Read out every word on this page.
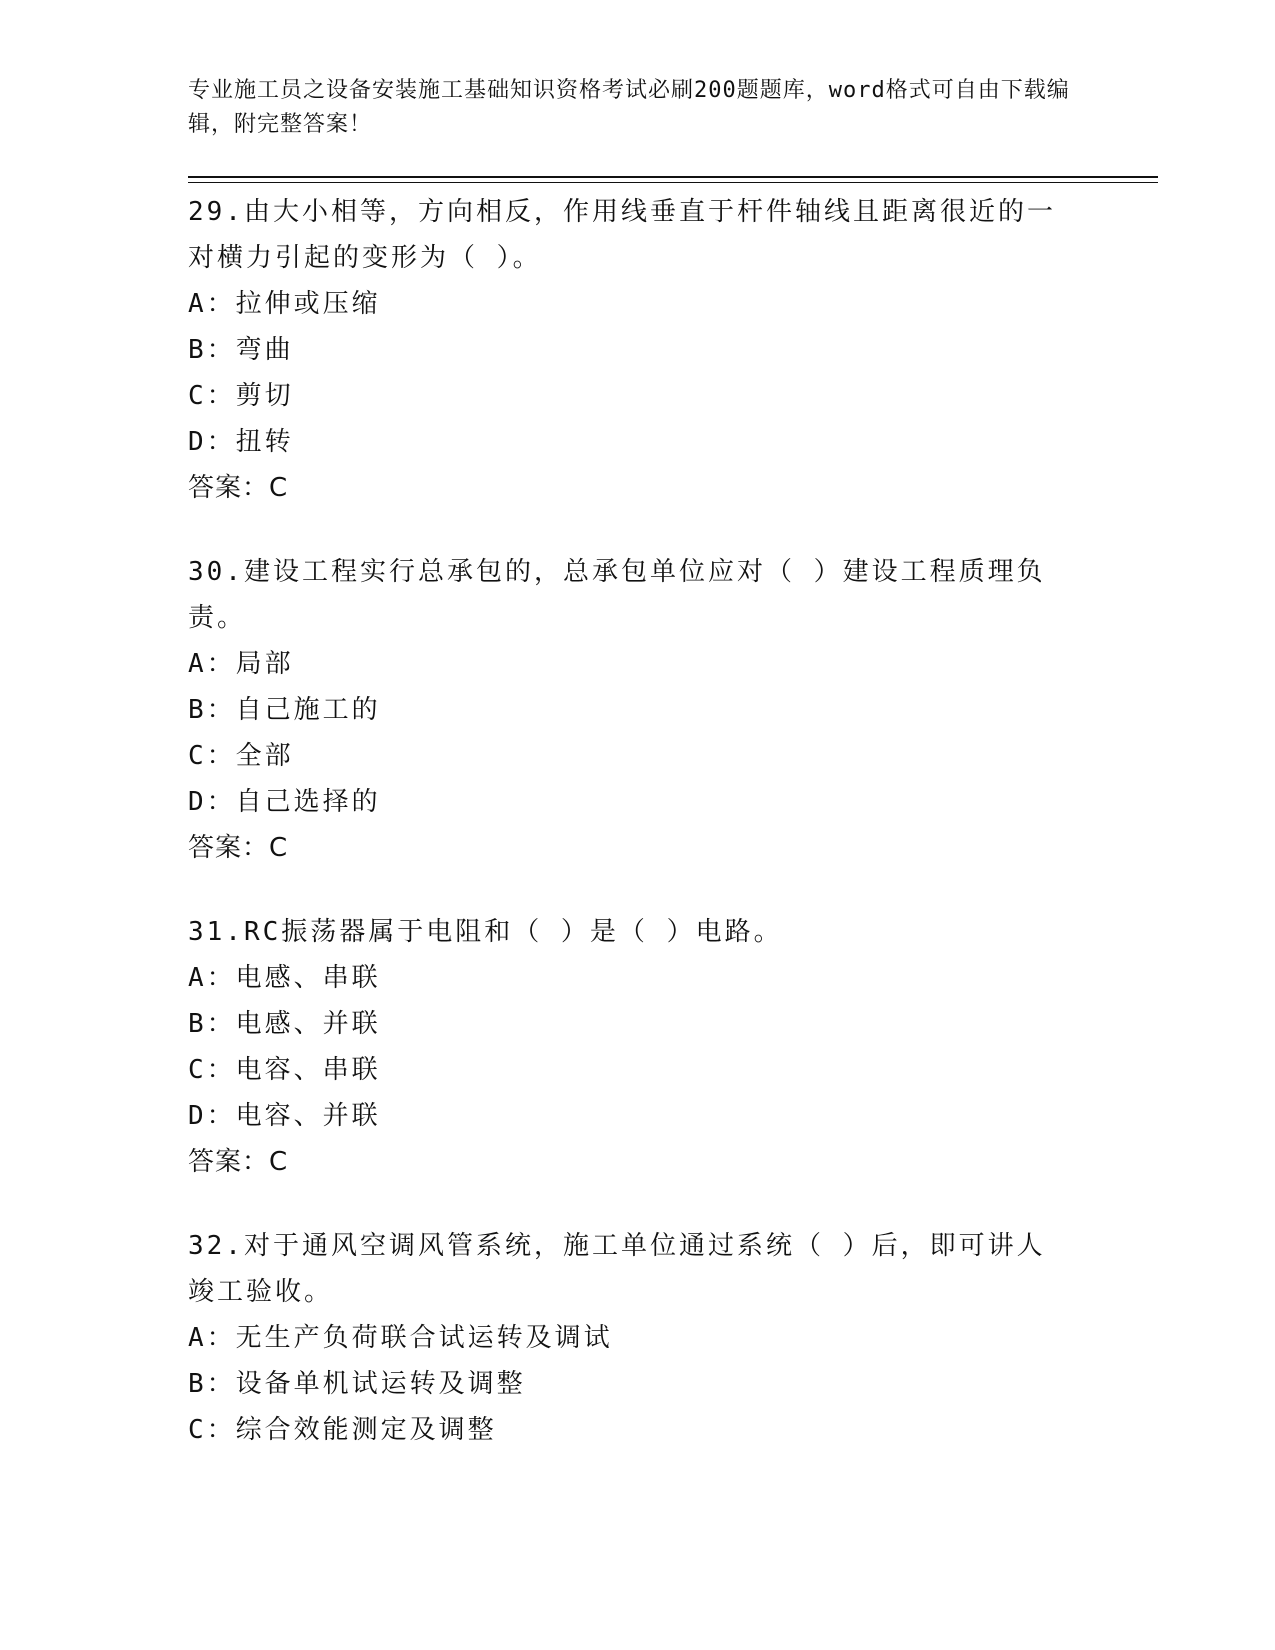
专业施工员之设备安装施工基础知识资格考试必刷200题题库，word格式可自由下载编辑，附完整答案！
29.由大小相等，方向相反，作用线垂直于杆件轴线且距离很近的一对横力引起的变形为（ ）。
A：拉伸或压缩
B：弯曲
C：剪切
D：扭转
答案：C
30.建设工程实行总承包的，总承包单位应对（ ）建设工程质理负责。
A：局部
B：自己施工的
C：全部
D：自己选择的
答案：C
31.RC振荡器属于电阻和（ ）是（ ）电路。
A：电感、串联
B：电感、并联
C：电容、串联
D：电容、并联
答案：C
32.对于通风空调风管系统，施工单位通过系统（ ）后，即可讲人竣工验收。
A：无生产负荷联合试运转及调试
B：设备单机试运转及调整
C：综合效能测定及调整
